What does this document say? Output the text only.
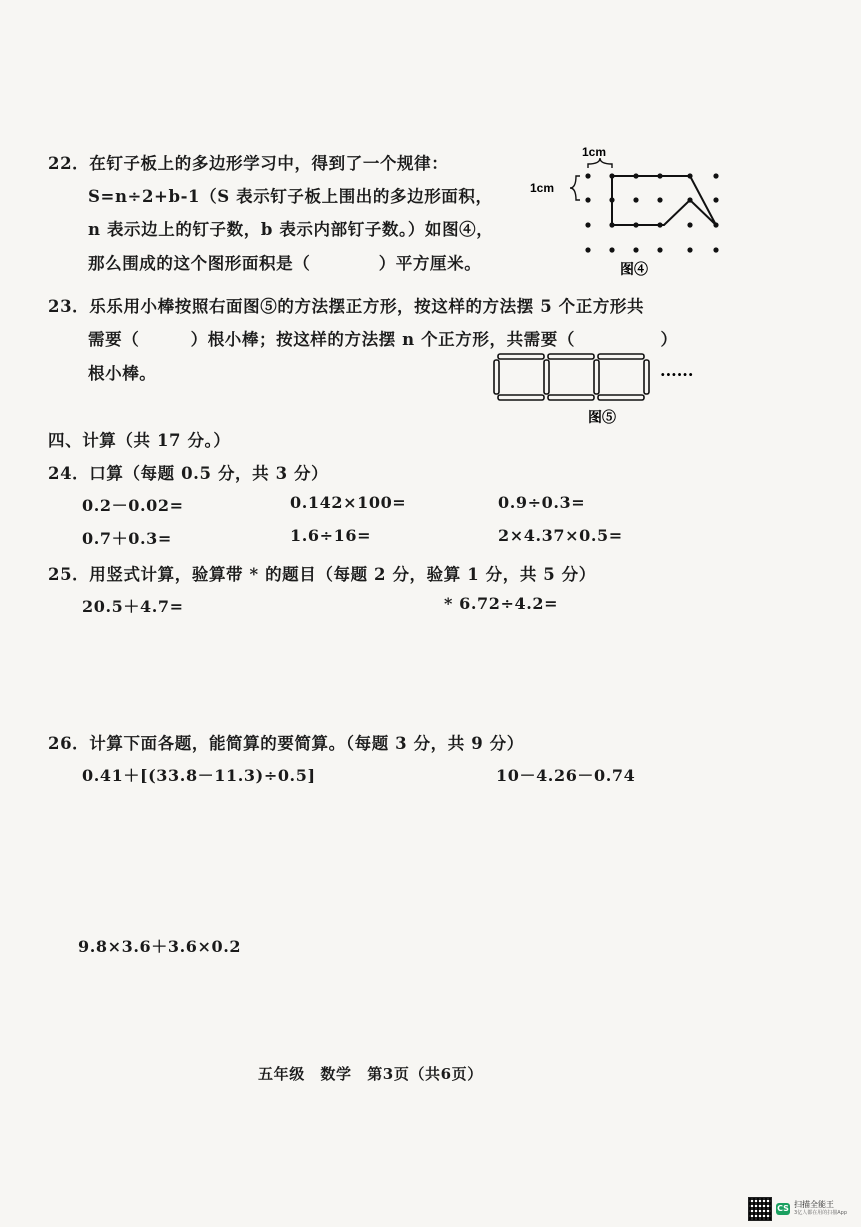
22．在钉子板上的多边形学习中，得到了一个规律：
S=n÷2+b-1（S 表示钉子板上围出的多边形面积，
n 表示边上的钉子数，b 表示内部钉子数。）如图④，
那么围成的这个图形面积是（　　　　）平方厘米。
1cm
1cm
图④
23．乐乐用小棒按照右面图⑤的方法摆正方形，按这样的方法摆 5 个正方形共
需要（　　　）根小棒；按这样的方法摆 n 个正方形，共需要（　　　　　）
根小棒。	······
图⑤
四、计算（共 17 分。）
24．口算（每题 0.5 分，共 3 分）
0.2－0.02=	0.142×100=	0.9÷0.3=
0.7＋0.3=	1.6÷16=	2×4.37×0.5=
25．用竖式计算，验算带 * 的题目（每题 2 分，验算 1 分，共 5 分）
20.5＋4.7=	* 6.72÷4.2=
26．计算下面各题，能简算的要简算。（每题 3 分，共 9 分）
0.41＋[(33.8－11.3)÷0.5]	10－4.26－0.74
9.8×3.6＋3.6×0.2
五年级　数学　第3页（共6页）
CS 扫描全能王
3亿人都在用的扫描App
